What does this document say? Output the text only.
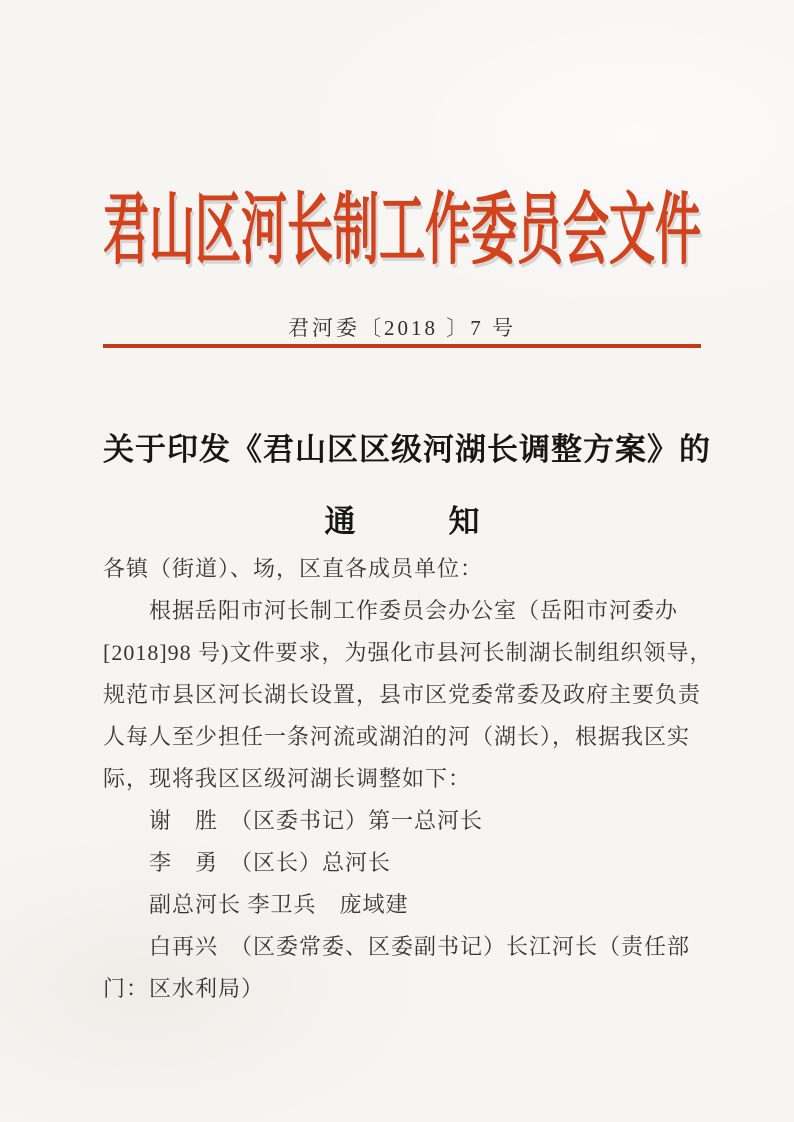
君山区河长制工作委员会文件
君河委〔2018 〕7 号
关于印发《君山区区级河湖长调整方案》的
通　　　知
各镇（街道）、场，区直各成员单位：
根据岳阳市河长制工作委员会办公室（岳阳市河委办
[2018]98 号)文件要求，为强化市县河长制湖长制组织领导，
规范市县区河长湖长设置，县市区党委常委及政府主要负责
人每人至少担任一条河流或湖泊的河（湖长），根据我区实
际，现将我区区级河湖长调整如下：
谢　胜　（区委书记）第一总河长
李　勇　（区长）总河长
副总河长 李卫兵　庞域建
白再兴　（区委常委、区委副书记）长江河长（责任部
门：区水利局）
